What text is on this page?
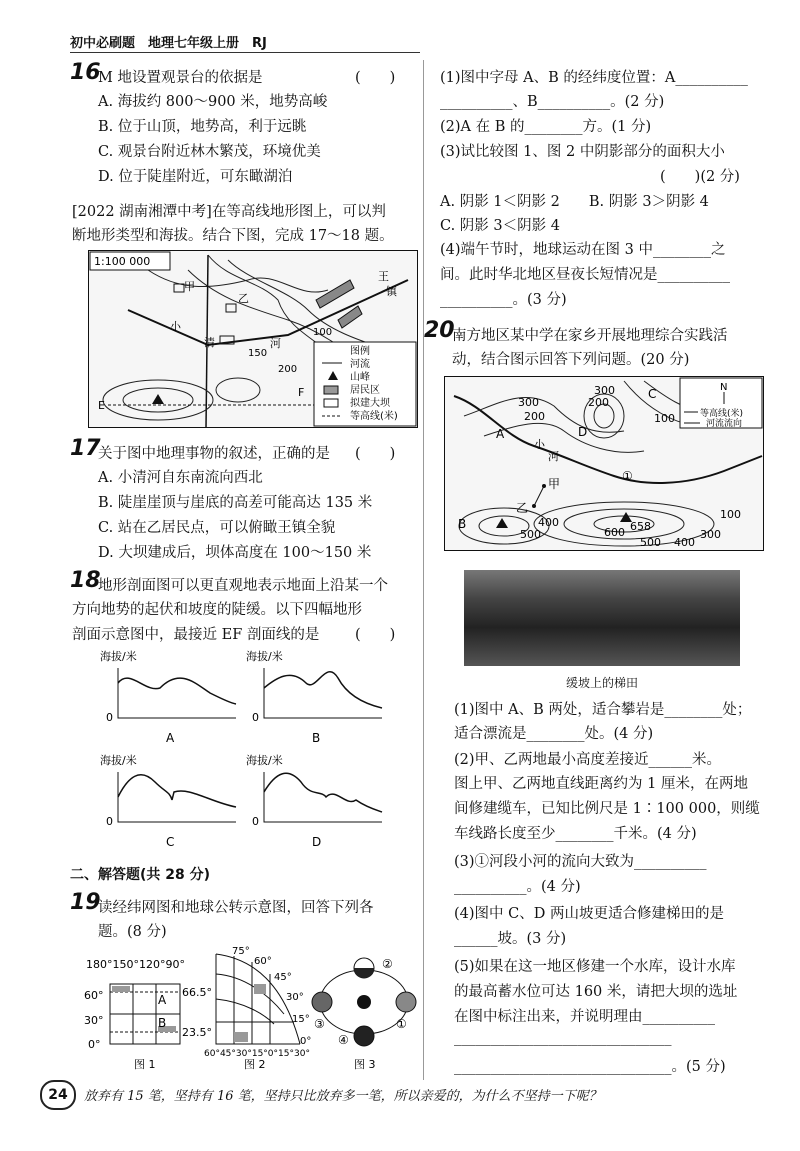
初中必刷题　地理七年级上册　RJ
16
M 地设置观景台的依据是	(　　)
A. 海拔约 800～900 米，地势高峻
B. 位于山顶，地势高，利于远眺
C. 观景台附近林木繁茂，环境优美
D. 位于陡崖附近，可东瞰湖泊
[2022 湖南湘潭中考]在等高线地形图上，可以判
断地形类型和海拔。结合下图，完成 17～18 题。
1:100 000
甲
乙
小
清	河
王
镇
100
150
200
E
F
图例
河流
山峰
居民区
拟建大坝
等高线(米)
17
关于图中地理事物的叙述，正确的是 (　　)
A. 小清河自东南流向西北
B. 陡崖崖顶与崖底的高差可能高达 135 米
C. 站在乙居民点，可以俯瞰王镇全貌
D. 大坝建成后，坝体高度在 100～150 米
18
地形剖面图可以更直观地表示地面上沿某一个
方向地势的起伏和坡度的陡缓。以下四幅地形
剖面示意图中，最接近 EF 剖面线的是 (　　)
海拔/米
0
A
海拔/米
0
B
海拔/米
0
C
海拔/米
0
D
二、解答题(共 28 分)
19
读经纬网图和地球公转示意图，回答下列各
题。(8 分)
180°150°120°90°
60°
30°
0°
66.5°
23.5°
A
B
图 1
75°
60°
45°
30°
15°
0°
60°45°30°15°0°15°30°
图 2
②
③	①
④
图 3
(1)图中字母 A、B 的经纬度位置：A__________
__________、B__________。(2 分)
(2)A 在 B 的________方。(1 分)
(3)试比较图 1、图 2 中阴影部分的面积大小
(　　)(2 分)
A. 阴影 1＜阴影 2　　B. 阴影 3＞阴影 4
C. 阴影 3＜阴影 4
(4)端午节时，地球运动在图 3 中________之
间。此时华北地区昼夜长短情况是__________
__________。(3 分)
20
南方地区某中学在家乡开展地理综合实践活
动，结合图示回答下列问题。(20 分)
300
200
C
A	D
小
河
100
①
甲
乙
B	400
500
658
600
500 400
300
100
300
200
N
等高线(米)
河流流向
缓坡上的梯田
(1)图中 A、B 两处，适合攀岩是________处；
适合漂流是________处。(4 分)
(2)甲、乙两地最小高度差接近______米。
图上甲、乙两地直线距离约为 1 厘米，在两地
间修建缆车，已知比例尺是 1∶100 000，则缆
车线路长度至少________千米。(4 分)
(3)①河段小河的流向大致为__________
__________。(4 分)
(4)图中 C、D 两山坡更适合修建梯田的是
______坡。(3 分)
(5)如果在这一地区修建一个水库，设计水库
的最高蓄水位可达 160 米，请把大坝的选址
在图中标注出来，并说明理由__________
______________________________
______________________________。(5 分)
24	放弃有 15 笔，坚持有 16 笔，坚持只比放弃多一笔，所以亲爱的，为什么不坚持一下呢？
